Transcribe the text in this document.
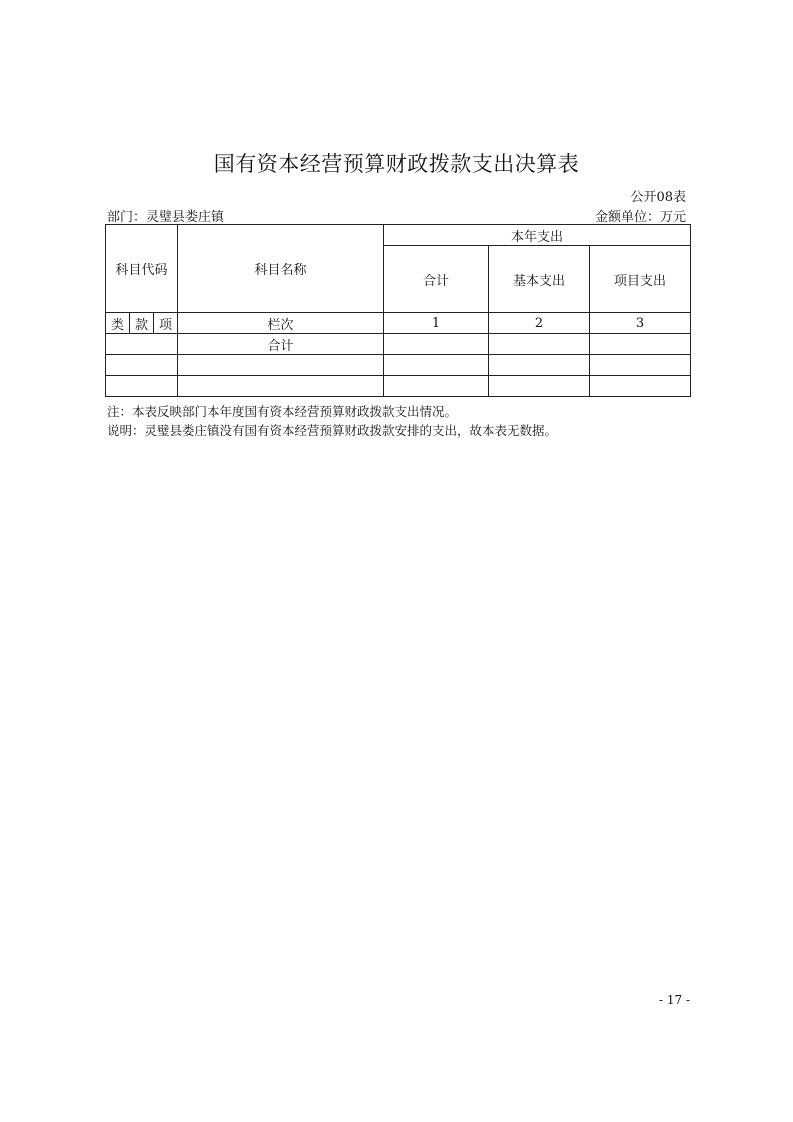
国有资本经营预算财政拨款支出决算表
公开08表
部门：灵璧县娄庄镇	金额单位：万元
科目代码			科目名称	本年支出		
				合计	基本支出	项目支出
类	款	项	栏次	1	2	3
			合计			

注：本表反映部门本年度国有资本经营预算财政拨款支出情况。
说明：灵璧县娄庄镇没有国有资本经营预算财政拨款安排的支出，故本表无数据。
- 17 -
